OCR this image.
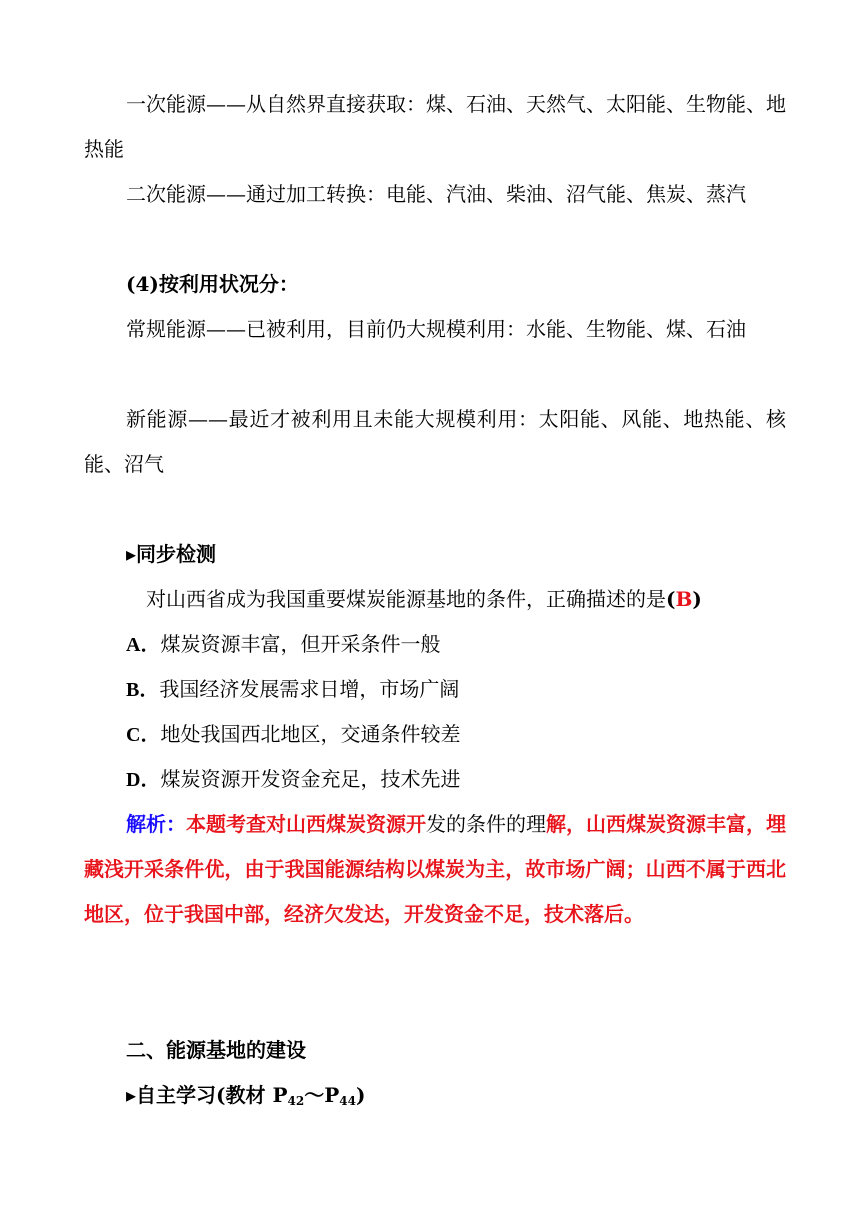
一次能源——从自然界直接获取：煤、石油、天然气、太阳能、生物能、地热能

二次能源——通过加工转换：电能、汽油、柴油、沼气能、焦炭、蒸汽

(4)按利用状况分：

常规能源——已被利用，目前仍大规模利用：水能、生物能、煤、石油

新能源——最近才被利用且未能大规模利用：太阳能、风能、地热能、核能、沼气

▸同步检测

对山西省成为我国重要煤炭能源基地的条件，正确描述的是(B)

A．煤炭资源丰富，但开采条件一般

B．我国经济发展需求日增，市场广阔

C．地处我国西北地区，交通条件较差

D．煤炭资源开发资金充足，技术先进

解析：本题考查对山西煤炭资源开发的条件的理解，山西煤炭资源丰富，埋藏浅开采条件优，由于我国能源结构以煤炭为主，故市场广阔；山西不属于西北地区，位于我国中部，经济欠发达，开发资金不足，技术落后。

二、能源基地的建设

▸自主学习(教材 $P_{42}\sim P_{44}$)
